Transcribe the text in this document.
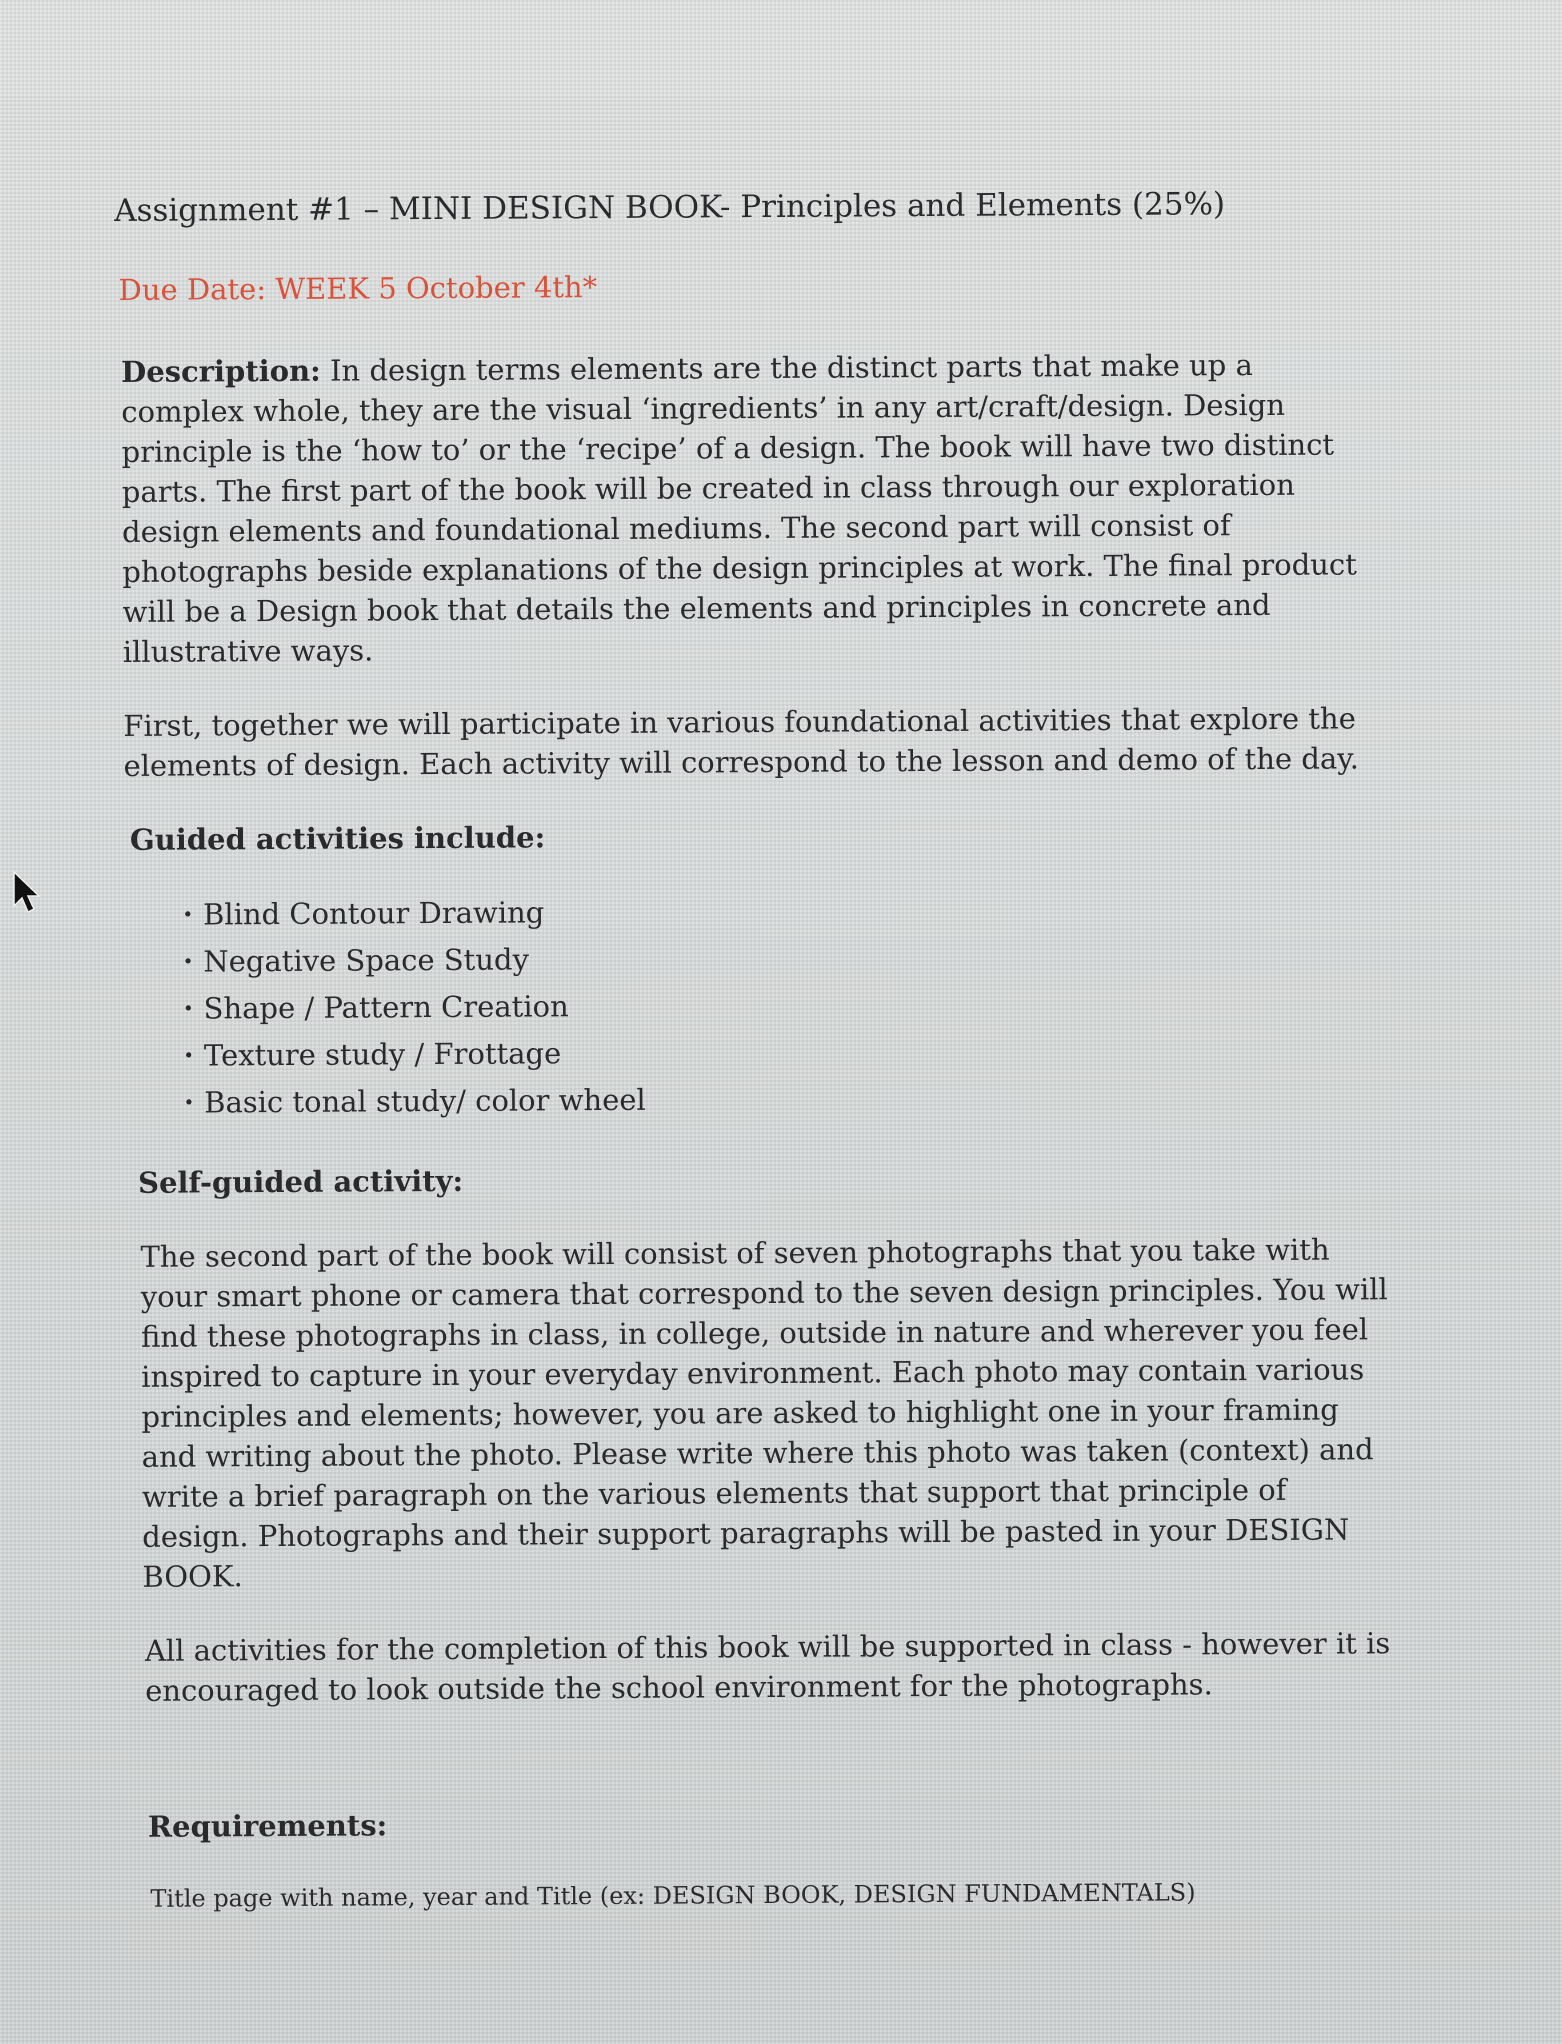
Assignment #1 – MINI DESIGN BOOK- Principles and Elements (25%)
Due Date: WEEK 5 October 4th*
Description: In design terms elements are the distinct parts that make up a complex whole, they are the visual ‘ingredients’ in any art/craft/design. Design principle is the ‘how to’ or the ‘recipe’ of a design. The book will have two distinct parts. The first part of the book will be created in class through our exploration design elements and foundational mediums. The second part will consist of photographs beside explanations of the design principles at work. The final product will be a Design book that details the elements and principles in concrete and illustrative ways.
First, together we will participate in various foundational activities that explore the elements of design. Each activity will correspond to the lesson and demo of the day.
Guided activities include:
• Blind Contour Drawing
• Negative Space Study
• Shape / Pattern Creation
• Texture study / Frottage
• Basic tonal study/ color wheel
Self-guided activity:
The second part of the book will consist of seven photographs that you take with your smart phone or camera that correspond to the seven design principles. You will find these photographs in class, in college, outside in nature and wherever you feel inspired to capture in your everyday environment. Each photo may contain various principles and elements; however, you are asked to highlight one in your framing and writing about the photo. Please write where this photo was taken (context) and write a brief paragraph on the various elements that support that principle of design. Photographs and their support paragraphs will be pasted in your DESIGN BOOK.
All activities for the completion of this book will be supported in class - however it is encouraged to look outside the school environment for the photographs.
Requirements:
Title page with name, year and Title (ex: DESIGN BOOK, DESIGN FUNDAMENTALS)
